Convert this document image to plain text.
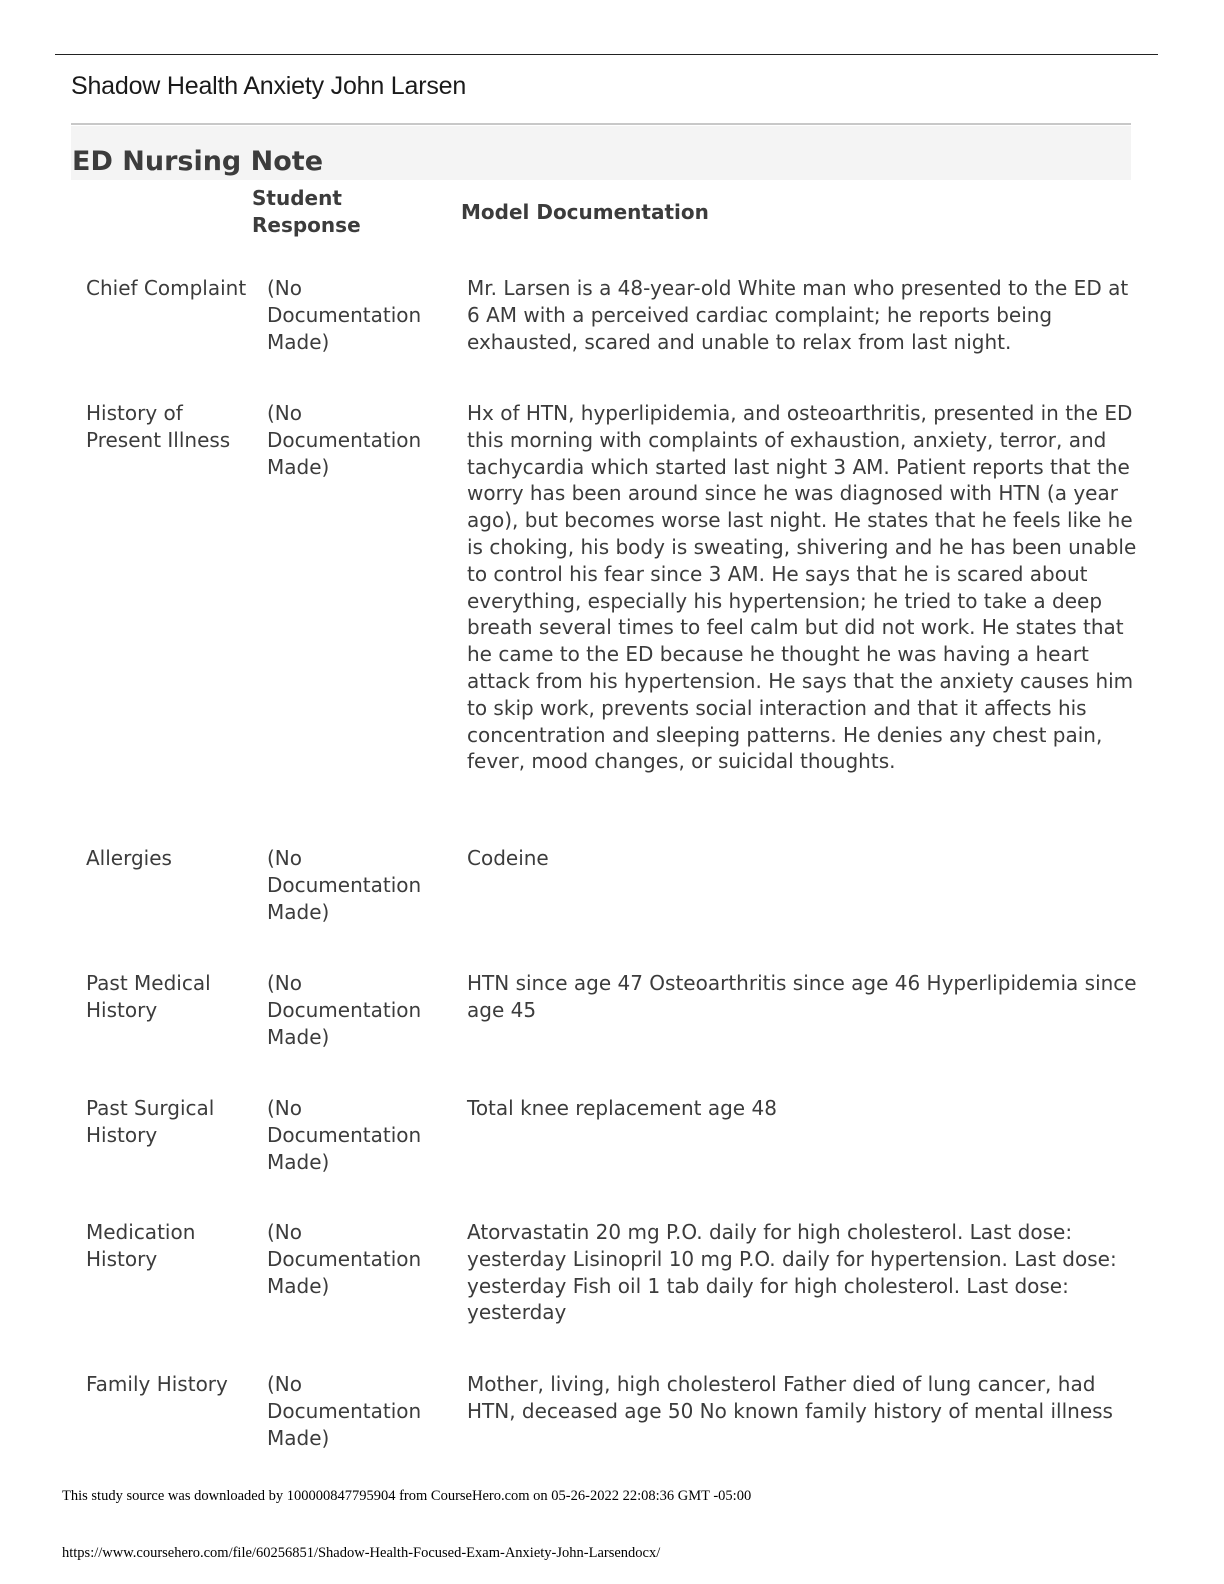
Shadow Health Anxiety John Larsen
ED Nursing Note
Student Response
Model Documentation

Chief Complaint (No Documentation Made)

Mr. Larsen is a 48-year-old White man who presented to the ED at 6 AM with a perceived cardiac complaint; he reports being exhausted, scared and unable to relax from last night.

History of Present Illness

(No Documentation Made)

Hx of HTN, hyperlipidemia, and osteoarthritis, presented in the ED this morning with complaints of exhaustion, anxiety, terror, and tachycardia which started last night 3 AM. Patient reports that the worry has been around since he was diagnosed with HTN (a year ago), but becomes worse last night. He states that he feels like he is choking, his body is sweating, shivering and he has been unable to control his fear since 3 AM. He says that he is scared about everything, especially his hypertension; he tried to take a deep breath several times to feel calm but did not work. He states that he came to the ED because he thought he was having a heart attack from his hypertension. He says that the anxiety causes him to skip work, prevents social interaction and that it affects his concentration and sleeping patterns. He denies any chest pain, fever, mood changes, or suicidal thoughts.

Allergies	(No Documentation Made)

Codeine

Past Medical History

(No Documentation Made)

HTN since age 47 Osteoarthritis since age 46 Hyperlipidemia since age 45

Past Surgical History

(No Documentation Made)

Total knee replacement age 48

Medication History

(No Documentation Made)

Atorvastatin 20 mg P.O. daily for high cholesterol. Last dose: yesterday Lisinopril 10 mg P.O. daily for hypertension. Last dose: yesterday Fish oil 1 tab daily for high cholesterol. Last dose: yesterday

Family History	(No Documentation Made)

Mother, living, high cholesterol Father died of lung cancer, had HTN, deceased age 50 No known family history of mental illness

This study source was downloaded by 100000847795904 from CourseHero.com on 05-26-2022 22:08:36 GMT -05:00
https://www.coursehero.com/file/60256851/Shadow-Health-Focused-Exam-Anxiety-John-Larsendocx/
